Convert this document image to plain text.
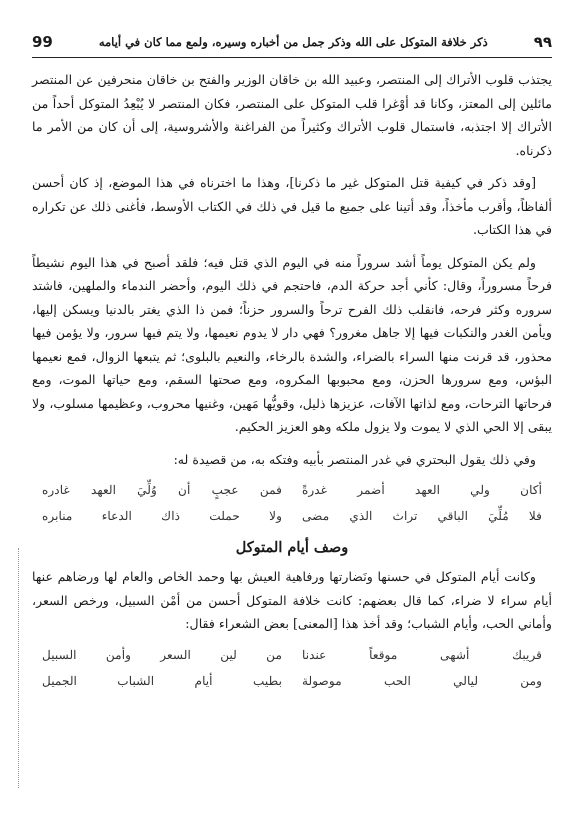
٩٩
ذكر خلافة المتوكل على الله وذكر جمل من أخباره وسيره، ولمع مما كان في أيامه
99

يجتذب قلوب الأتراك إلى المنتصر، وعبيد الله بن خاقان الوزير والفتح بن خاقان منحرفين عن المنتصر مائلين إلى المعتز، وكانا قد أوْغرا قلب المتوكل على المنتصر، فكان المنتصر لا يُبْعِدُ المتوكل أحداً من الأتراك إلا اجتذبه، فاستمال قلوب الأتراك وكثيراً من الفراغنة والأشروسية، إلى أن كان من الأمر ما ذكرناه.

[وقد ذكر في كيفية قتل المتوكل غير ما ذكرنا]، وهذا ما اخترناه في هذا الموضع، إذ كان أحسن ألفاظاً، وأقرب مأخذاً، وقد أتينا على جميع ما قيل في ذلك في الكتاب الأوسط، فأغنى ذلك عن تكراره في هذا الكتاب.

ولم يكن المتوكل يوماً أشد سروراً منه في اليوم الذي قتل فيه؛ فلقد أصبح في هذا اليوم نشيطاً فرحاً مسروراً، وقال: كأني أجد حركة الدم، فاحتجم في ذلك اليوم، وأحضر الندماء والملهين، فاشتد سروره وكثر فرحه، فانقلب ذلك الفرح ترحاً والسرور حزناً؛ فمن ذا الذي يغتر بالدنيا ويسكن إليها، ويأمن الغدر والنكبات فيها إلا جاهل مغرور؟ فهي دار لا يدوم نعيمها، ولا يتم فيها سرور، ولا يؤمن فيها محذور، قد قرنت منها السراء بالضراء، والشدة بالرخاء، والنعيم بالبلوى؛ ثم يتبعها الزوال، فمع نعيمها البؤس، ومع سرورها الحزن، ومع محبوبها المكروه، ومع صحتها السقم، ومع حياتها الموت، ومع فرحاتها الترحات، ومع لذاتها الآفات، عزيزها ذليل، وقويُّها مَهين، وغنيها محروب، وعظيمها مسلوب، ولا يبقى إلا الحي الذي لا يموت ولا يزول ملكه وهو العزيز الحكيم.

وفي ذلك يقول البحتري في غدر المنتصر بأبيه وفتكه به، من قصيدة له:

أكان ولي العهد أضمر غدرةً
فمن عجبٍ أن وُلِّيَ العهد غادره
فلا مُلِّيَ الباقي تراث الذي مضى
ولا حملت ذاك الدعاء منابره
وصف أيام المتوكل

وكانت أيام المتوكل في حسنها ونَضارتها ورفاهية العيش بها وحمد الخاص والعام لها ورضاهم عنها أيام سراء لا ضراء، كما قال بعضهم: كانت خلافة المتوكل أحسن من أمْن السبيل، ورخص السعر، وأماني الحب، وأيام الشباب؛ وقد أخذ هذا [المعنى] بعض الشعراء فقال:

قريبك أشهى موقعاً عندنا
من لين السعر وأمن السبيل
ومن ليالي الحب موصولة
بطيب أيام الشباب الجميل
